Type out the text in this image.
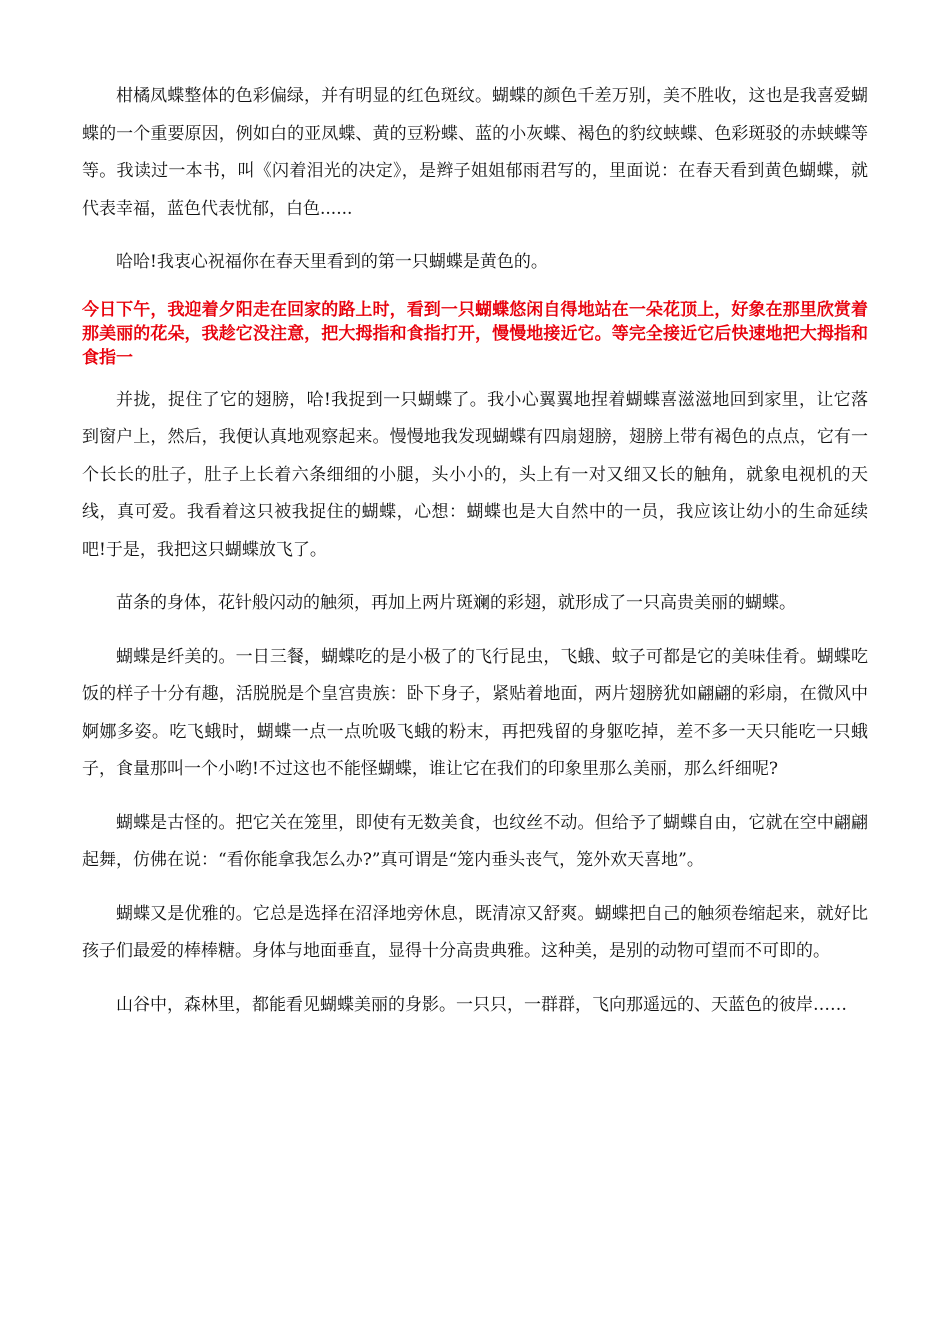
柑橘凤蝶整体的色彩偏绿，并有明显的红色斑纹。蝴蝶的颜色千差万别，美不胜收，这也是我喜爱蝴蝶的一个重要原因，例如白的亚凤蝶、黄的豆粉蝶、蓝的小灰蝶、褐色的豹纹蛱蝶、色彩斑驳的赤蛱蝶等等。我读过一本书，叫《闪着泪光的决定》，是辫子姐姐郁雨君写的，里面说：在春天看到黄色蝴蝶，就代表幸福，蓝色代表忧郁，白色......

哈哈!我衷心祝福你在春天里看到的第一只蝴蝶是黄色的。

今日下午，我迎着夕阳走在回家的路上时，看到一只蝴蝶悠闲自得地站在一朵花顶上，好象在那里欣赏着那美丽的花朵，我趁它没注意，把大拇指和食指打开，慢慢地接近它。等完全接近它后快速地把大拇指和食指一

并拢，捉住了它的翅膀，哈!我捉到一只蝴蝶了。我小心翼翼地捏着蝴蝶喜滋滋地回到家里，让它落到窗户上，然后，我便认真地观察起来。慢慢地我发现蝴蝶有四扇翅膀，翅膀上带有褐色的点点，它有一个长长的肚子，肚子上长着六条细细的小腿，头小小的，头上有一对又细又长的触角，就象电视机的天线，真可爱。我看着这只被我捉住的蝴蝶，心想：蝴蝶也是大自然中的一员，我应该让幼小的生命延续吧!于是，我把这只蝴蝶放飞了。

苗条的身体，花针般闪动的触须，再加上两片斑斓的彩翅，就形成了一只高贵美丽的蝴蝶。

蝴蝶是纤美的。一日三餐，蝴蝶吃的是小极了的飞行昆虫，飞蛾、蚊子可都是它的美味佳肴。蝴蝶吃饭的样子十分有趣，活脱脱是个皇宫贵族：卧下身子，紧贴着地面，两片翅膀犹如翩翩的彩扇，在微风中婀娜多姿。吃飞蛾时，蝴蝶一点一点吮吸飞蛾的粉末，再把残留的身躯吃掉，差不多一天只能吃一只蛾子，食量那叫一个小哟!不过这也不能怪蝴蝶，谁让它在我们的印象里那么美丽，那么纤细呢?

蝴蝶是古怪的。把它关在笼里，即使有无数美食，也纹丝不动。但给予了蝴蝶自由，它就在空中翩翩起舞，仿佛在说：“看你能拿我怎么办?”真可谓是“笼内垂头丧气，笼外欢天喜地”。

蝴蝶又是优雅的。它总是选择在沼泽地旁休息，既清凉又舒爽。蝴蝶把自己的触须卷缩起来，就好比孩子们最爱的棒棒糖。身体与地面垂直，显得十分高贵典雅。这种美，是别的动物可望而不可即的。

山谷中，森林里，都能看见蝴蝶美丽的身影。一只只，一群群，飞向那遥远的、天蓝色的彼岸……
